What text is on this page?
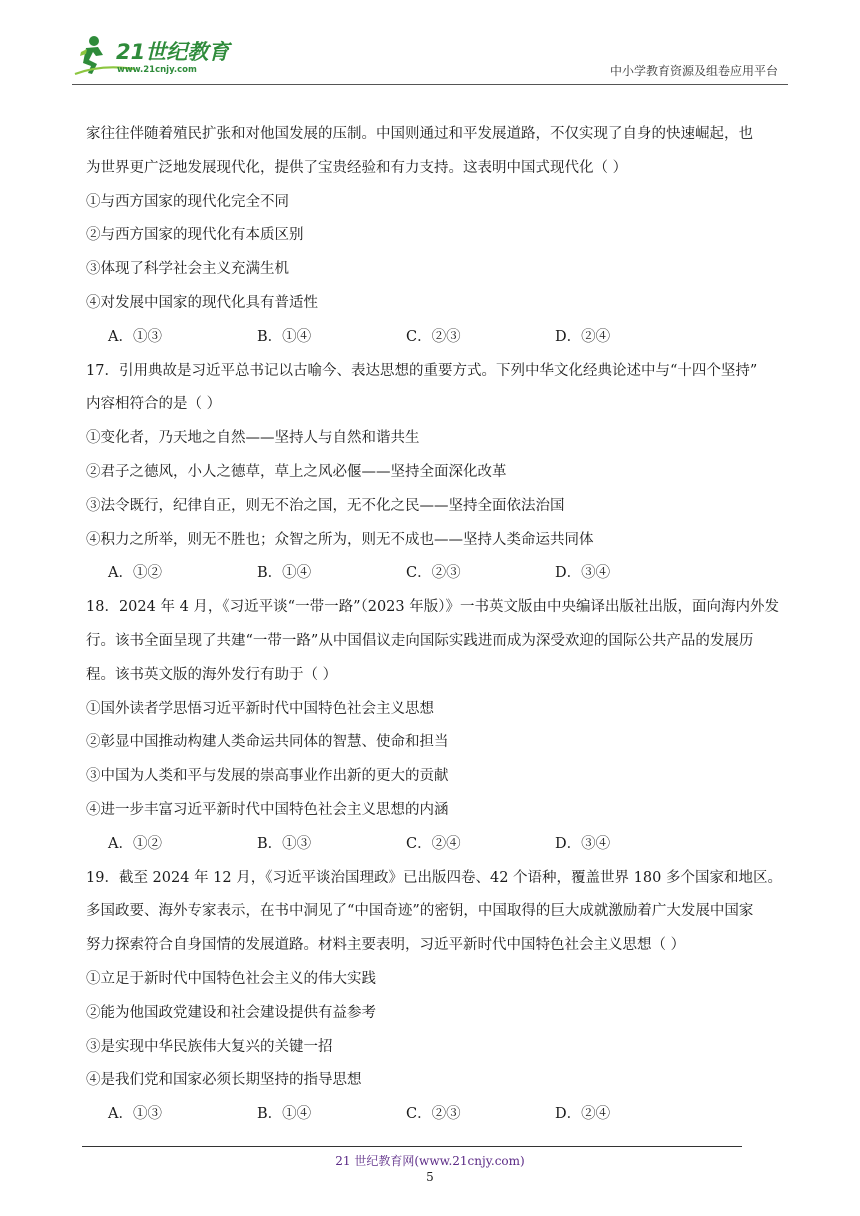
21世纪教育
www.21cnjy.com	中小学教育资源及组卷应用平台
家往往伴随着殖民扩张和对他国发展的压制。中国则通过和平发展道路，不仅实现了自身的快速崛起，也
为世界更广泛地发展现代化，提供了宝贵经验和有力支持。这表明中国式现代化（ ）
①与西方国家的现代化完全不同
②与西方国家的现代化有本质区别
③体现了科学社会主义充满生机
④对发展中国家的现代化具有普适性
A．①③	B．①④	C．②③	D．②④
17．引用典故是习近平总书记以古喻今、表达思想的重要方式。下列中华文化经典论述中与“十四个坚持”
内容相符合的是（ ）
①变化者，乃天地之自然——坚持人与自然和谐共生
②君子之德风，小人之德草，草上之风必偃——坚持全面深化改革
③法令既行，纪律自正，则无不治之国，无不化之民——坚持全面依法治国
④积力之所举，则无不胜也；众智之所为，则无不成也——坚持人类命运共同体
A．①②	B．①④	C．②③	D．③④
18．2024 年 4 月，《习近平谈“一带一路”（2023 年版）》一书英文版由中央编译出版社出版，面向海内外发
行。该书全面呈现了共建“一带一路”从中国倡议走向国际实践进而成为深受欢迎的国际公共产品的发展历
程。该书英文版的海外发行有助于（ ）
①国外读者学思悟习近平新时代中国特色社会主义思想
②彰显中国推动构建人类命运共同体的智慧、使命和担当
③中国为人类和平与发展的崇高事业作出新的更大的贡献
④进一步丰富习近平新时代中国特色社会主义思想的内涵
A．①②	B．①③	C．②④	D．③④
19．截至 2024 年 12 月，《习近平谈治国理政》已出版四卷、42 个语种，覆盖世界 180 多个国家和地区。
多国政要、海外专家表示，在书中洞见了“中国奇迹”的密钥，中国取得的巨大成就激励着广大发展中国家
努力探索符合自身国情的发展道路。材料主要表明，习近平新时代中国特色社会主义思想（ ）
①立足于新时代中国特色社会主义的伟大实践
②能为他国政党建设和社会建设提供有益参考
③是实现中华民族伟大复兴的关键一招
④是我们党和国家必须长期坚持的指导思想
A．①③	B．①④	C．②③	D．②④
21 世纪教育网(www.21cnjy.com)
5
